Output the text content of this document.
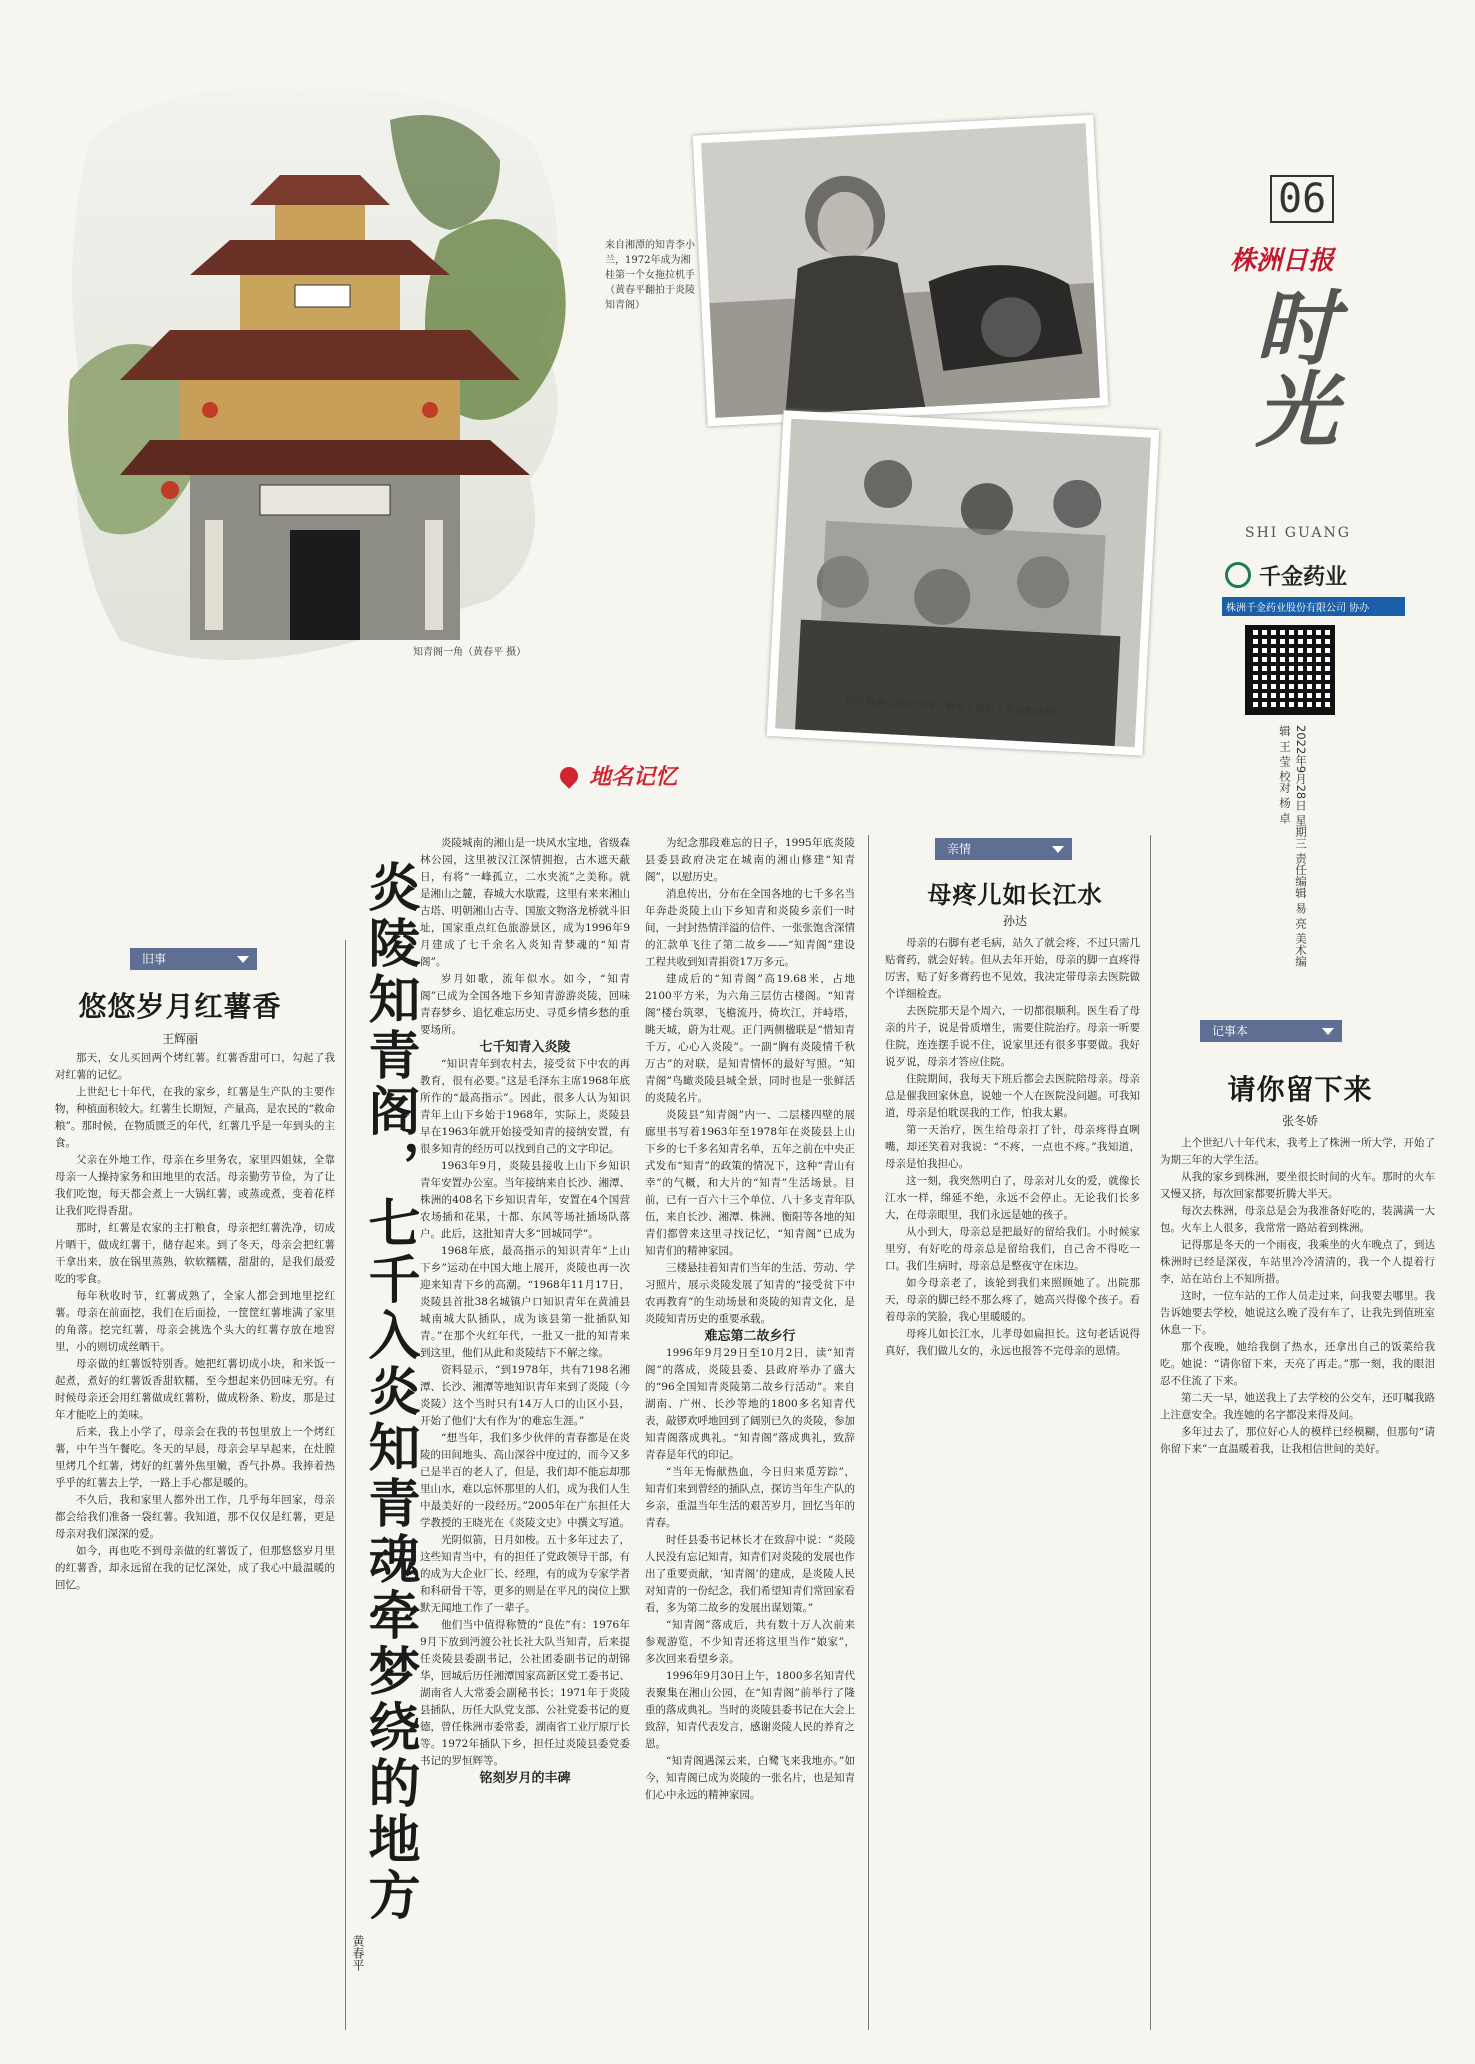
知青阁一角（黄春平 摄）
来自湘潭的知青李小兰，1972年成为湘桂第一个女拖拉机手（黄春平翻拍于炎陵知青阁）
知青晃燕与村民交流（黄春平翻拍于炎陵知青阁）
06
株洲日报
时光
SHI GUANG
千金药业
株洲千金药业股份有限公司 协办
2022年9月28日 星期三 责任编辑 易 亮 美术编辑 王 莹 校对 杨 卓
地名记忆
旧事
悠悠岁月红薯香
王辉丽

那天，女儿买回两个烤红薯。红薯香甜可口，勾起了我对红薯的记忆。

上世纪七十年代，在我的家乡，红薯是生产队的主要作物，种植面积较大。红薯生长期短，产量高，是农民的“救命粮”。那时候，在物质匮乏的年代，红薯几乎是一年到头的主食。

父亲在外地工作，母亲在乡里务农，家里四姐妹，全靠母亲一人操持家务和田地里的农活。母亲勤劳节俭，为了让我们吃饱，每天都会煮上一大锅红薯，或蒸或煮，变着花样让我们吃得香甜。

那时，红薯是农家的主打粮食，母亲把红薯洗净，切成片晒干，做成红薯干，储存起来。到了冬天，母亲会把红薯干拿出来，放在锅里蒸熟，软软糯糯，甜甜的，是我们最爱吃的零食。

每年秋收时节，红薯成熟了，全家人都会到地里挖红薯。母亲在前面挖，我们在后面捡，一筐筐红薯堆满了家里的角落。挖完红薯，母亲会挑选个头大的红薯存放在地窖里，小的则切成丝晒干。

母亲做的红薯饭特别香。她把红薯切成小块，和米饭一起煮，煮好的红薯饭香甜软糯，至今想起来仍回味无穷。有时候母亲还会用红薯做成红薯粉，做成粉条、粉皮，那是过年才能吃上的美味。

后来，我上小学了，母亲会在我的书包里放上一个烤红薯，中午当午餐吃。冬天的早晨，母亲会早早起来，在灶膛里烤几个红薯，烤好的红薯外焦里嫩，香气扑鼻。我捧着热乎乎的红薯去上学，一路上手心都是暖的。

不久后，我和家里人都外出工作，几乎每年回家，母亲都会给我们准备一袋红薯。我知道，那不仅仅是红薯，更是母亲对我们深深的爱。

如今，再也吃不到母亲做的红薯饭了，但那悠悠岁月里的红薯香，却永远留在我的记忆深处，成了我心中最温暖的回忆。	炎陵知青阁，七千入炎知青魂牵梦绕的地方
黄春平

炎陵城南的湘山是一块风水宝地，省级森林公园，这里被汉江深情拥抱，古木遮天蔽日，有将“一峰孤立，二水夹流”之美称。就是湘山之麓，春城大水歇霞，这里有来来湘山古塔、明朝湘山古寺、国旅文物洛龙桥就斗旧址，国家重点红色旅游景区，成为1996年9月建成了七千余名入炎知青梦魂的“知青阁”。

岁月如歌，流年似水。如今，“知青阁”已成为全国各地下乡知青游游炎陵，回味青春梦乡、追忆难忘历史、寻觅乡情乡愁的重要场所。

七千知青入炎陵

“知识青年到农村去，接受贫下中农的再教育，很有必要。”这是毛泽东主席1968年底所作的“最高指示”。因此，很多人认为知识青年上山下乡始于1968年，实际上，炎陵县早在1963年就开始接受知青的接纳安置，有很多知青的经历可以找到自己的文字印记。

1963年9月，炎陵县接收上山下乡知识青年安置办公室。当年接纳来自长沙、湘潭、株洲的408名下乡知识青年，安置在4个国营农场插和花果，十都、东风等场社插场队落户。此后，这批知青大多“回城同学”。

1968年底，最高指示的知识青年“上山下乡”运动在中国大地上展开，炎陵也再一次迎来知青下乡的高潮。“1968年11月17日，炎陵县首批38名城镇户口知识青年在黄浦县城南城大队插队，成为该县第一批插队知青。”在那个火红年代，一批又一批的知青来到这里，他们从此和炎陵结下不解之缘。

资料显示，“到1978年，共有7198名湘潭、长沙、湘潭等地知识青年来到了炎陵（今炎陵）这个当时只有14万人口的山区小县，开始了他们‘大有作为’的难忘生涯。”

“想当年，我们多少伙伴的青春都是在炎陵的田间地头、高山深谷中度过的，而今又多已是半百的老人了，但是，我们却不能忘却那里山水，难以忘怀那里的人们，成为我们人生中最美好的一段经历。”2005年在广东担任大学教授的王晓光在《炎陵文史》中撰文写道。

光阴似箭，日月如梭。五十多年过去了，这些知青当中，有的担任了党政领导干部，有的成为大企业厂长、经理，有的成为专家学者和科研骨干等，更多的则是在平凡的岗位上默默无闻地工作了一辈子。

他们当中值得称赞的“良佐”有：1976年9月下放到沔渡公社长社大队当知青，后来提任炎陵县委副书记，公社团委副书记的胡锦华，回城后历任湘潭国家高新区党工委书记、湖南省人大常委会副秘书长；1971年于炎陵县插队，历任大队党支部、公社党委书记的夏德，曾任株洲市委常委，湖南省工业厅原厅长等。1972年插队下乡，担任过炎陵县委党委书记的罗恒辉等。

铭刻岁月的丰碑

为纪念那段难忘的日子，1995年底炎陵县委县政府决定在城南的湘山修建“知青阁”，以慰历史。

消息传出，分布在全国各地的七千多名当年奔赴炎陵上山下乡知青和炎陵乡亲们一时间，一封封热情洋溢的信件、一张张饱含深情的汇款单飞往了第二故乡——“知青阁”建设工程共收到知青捐资17万多元。

建成后的“知青阁”高19.68米，占地2100平方米，为六角三层仿古楼阁。“知青阁”楼台筑翠，飞檐流丹，倚坎江，并峙塔，眺天城，蔚为壮观。正门两侧楹联是“惜知青千万，心心入炎陵”。一副“胸有炎陵情千秋万古”的对联，是知青情怀的最好写照。“知青阁”鸟瞰炎陵县城全景，同时也是一张鲜活的炎陵名片。

炎陵县“知青阁”内一、二层楼四壁的展廊里书写着1963年至1978年在炎陵县上山下乡的七千多名知青名单，五年之前在中央正式发布“知青”的政策的情况下，这种“青山有幸”的气概，和大片的“知青”生活场景。目前，已有一百六十三个单位、八十多支青年队伍，来自长沙、湘潭、株洲、衡阳等各地的知青们都曾来这里寻找记忆，“知青阁”已成为知青们的精神家园。

三楼悬挂着知青们当年的生活、劳动、学习照片，展示炎陵发展了知青的“接受贫下中农再教育”的生动场景和炎陵的知青文化，是炎陵知青历史的重要承载。

难忘第二故乡行

1996年9月29日至10月2日，读“知青阁”的落成，炎陵县委、县政府举办了盛大的“96全国知青炎陵第二故乡行活动”。来自湖南、广州、长沙等地的1800多名知青代表，敲锣欢呼地回到了阔别已久的炎陵，参加知青阁落成典礼。“知青阁”落成典礼，致辞青春是年代的印记。

“当年无悔献热血，今日归来觅芳踪”，知青们来到曾经的插队点，探访当年生产队的乡亲，重温当年生活的艰苦岁月，回忆当年的青春。

时任县委书记林长才在致辞中说：“炎陵人民没有忘记知青，知青们对炎陵的发展也作出了重要贡献，‘知青阁’的建成，是炎陵人民对知青的一份纪念，我们希望知青们常回家看看，多为第二故乡的发展出谋划策。”

“知青阁”落成后，共有数十万人次前来参观游览，不少知青还将这里当作“娘家”，多次回来看望乡亲。

1996年9月30日上午，1800多名知青代表聚集在湘山公园，在“知青阁”前举行了隆重的落成典礼。当时的炎陵县委书记在大会上致辞，知青代表发言，感谢炎陵人民的养育之恩。

“知青阁遇深云来，白鹭飞来我地亦。”如今，知青阁已成为炎陵的一张名片，也是知青们心中永远的精神家园。

亲情
母疼儿如长江水
孙达

母亲的右脚有老毛病，站久了就会疼，不过只需几贴膏药，就会好转。但从去年开始，母亲的脚一直疼得厉害，贴了好多膏药也不见效，我决定带母亲去医院做个详细检查。

去医院那天是个周六，一切都很顺利。医生看了母亲的片子，说是骨质增生，需要住院治疗。母亲一听要住院，连连摆手说不住，说家里还有很多事要做。我好说歹说，母亲才答应住院。

住院期间，我每天下班后都会去医院陪母亲。母亲总是催我回家休息，说她一个人在医院没问题。可我知道，母亲是怕耽误我的工作，怕我太累。

第一天治疗，医生给母亲打了针，母亲疼得直咧嘴，却还笑着对我说：“不疼，一点也不疼。”我知道，母亲是怕我担心。

这一刻，我突然明白了，母亲对儿女的爱，就像长江水一样，绵延不绝，永远不会停止。无论我们长多大，在母亲眼里，我们永远是她的孩子。

从小到大，母亲总是把最好的留给我们。小时候家里穷，有好吃的母亲总是留给我们，自己舍不得吃一口。我们生病时，母亲总是整夜守在床边。

如今母亲老了，该轮到我们来照顾她了。出院那天，母亲的脚已经不那么疼了，她高兴得像个孩子。看着母亲的笑脸，我心里暖暖的。

母疼儿如长江水，儿孝母如扁担长。这句老话说得真好，我们做儿女的，永远也报答不完母亲的恩情。

记事本
请你留下来
张冬娇

上个世纪八十年代末，我考上了株洲一所大学，开始了为期三年的大学生活。

从我的家乡到株洲，要坐很长时间的火车。那时的火车又慢又挤，每次回家都要折腾大半天。

每次去株洲，母亲总是会为我准备好吃的，装满满一大包。火车上人很多，我常常一路站着到株洲。

记得那是冬天的一个雨夜，我乘坐的火车晚点了，到达株洲时已经是深夜，车站里冷冷清清的，我一个人提着行李，站在站台上不知所措。

这时，一位车站的工作人员走过来，问我要去哪里。我告诉她要去学校，她说这么晚了没有车了，让我先到值班室休息一下。

那个夜晚，她给我倒了热水，还拿出自己的饭菜给我吃。她说：“请你留下来，天亮了再走。”那一刻，我的眼泪忍不住流了下来。

第二天一早，她送我上了去学校的公交车，还叮嘱我路上注意安全。我连她的名字都没来得及问。

多年过去了，那位好心人的模样已经模糊，但那句“请你留下来”一直温暖着我，让我相信世间的美好。
